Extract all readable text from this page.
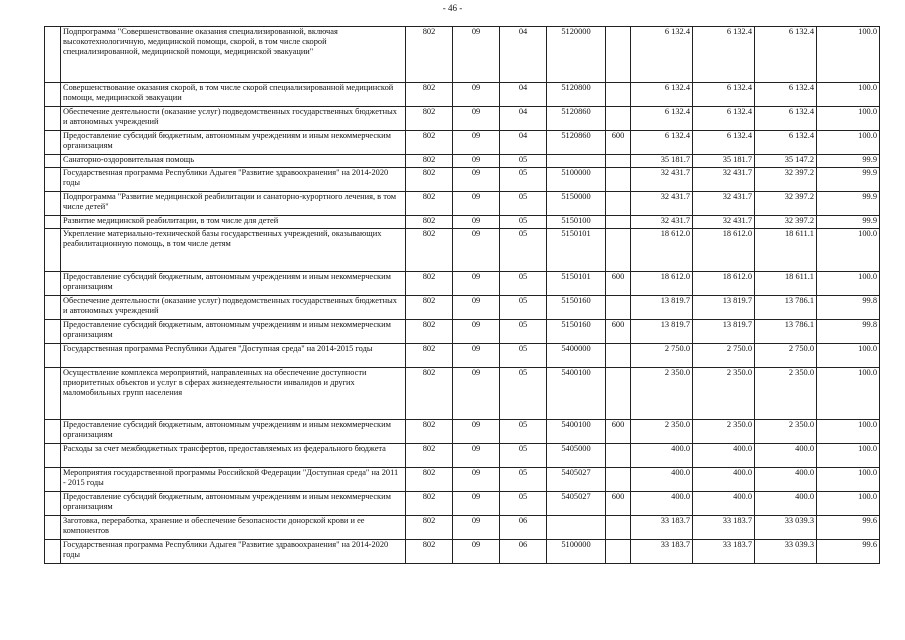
- 46 -

	Подпрограмма "Совершенствование оказания специализированной, включая высокотехнологичную, медицинской помощи, скорой, в том числе скорой специализированной, медицинской помощи, медицинской эвакуации"	802	09	04	5120000		6 132.4	6 132.4	6 132.4	100.0

	Совершенствование оказания скорой, в том числе скорой специализированной медицинской помощи, медицинской эвакуации	802	09	04	5120800		6 132.4	6 132.4	6 132.4	100.0

	Обеспечение деятельности (оказание услуг) подведомственных государственных бюджетных и автономных учреждений	802	09	04	5120860		6 132.4	6 132.4	6 132.4	100.0

	Предоставление субсидий бюджетным, автономным учреждениям и иным некоммерческим организациям	802	09	04	5120860	600	6 132.4	6 132.4	6 132.4	100.0

	Санаторно-оздоровительная помощь	802	09	05			35 181.7	35 181.7	35 147.2	99.9

	Государственная программа Республики Адыгея "Развитие здравоохранения" на 2014-2020 годы	802	09	05	5100000		32 431.7	32 431.7	32 397.2	99.9

	Подпрограмма "Развитие медицинской реабилитации и санаторно-курортного лечения, в том числе детей"	802	09	05	5150000		32 431.7	32 431.7	32 397.2	99.9

	Развитие медицинской реабилитации, в том числе для детей	802	09	05	5150100		32 431.7	32 431.7	32 397.2	99.9

	Укрепление материально-технической базы государственных учреждений, оказывающих реабилитационную помощь, в том числе детям	802	09	05	5150101		18 612.0	18 612.0	18 611.1	100.0

	Предоставление субсидий бюджетным, автономным учреждениям и иным некоммерческим организациям	802	09	05	5150101	600	18 612.0	18 612.0	18 611.1	100.0

	Обеспечение деятельности (оказание услуг) подведомственных государственных бюджетных и автономных учреждений	802	09	05	5150160		13 819.7	13 819.7	13 786.1	99.8

	Предоставление субсидий бюджетным, автономным учреждениям и иным некоммерческим организациям	802	09	05	5150160	600	13 819.7	13 819.7	13 786.1	99.8

	Государственная программа Республики Адыгея "Доступная среда" на 2014-2015 годы	802	09	05	5400000		2 750.0	2 750.0	2 750.0	100.0

	Осуществление комплекса мероприятий, направленных на обеспечение доступности приоритетных объектов и услуг в сферах жизнедеятельности инвалидов и других маломобильных групп населения	802	09	05	5400100		2 350.0	2 350.0	2 350.0	100.0

	Предоставление субсидий бюджетным, автономным учреждениям и иным некоммерческим организациям	802	09	05	5400100	600	2 350.0	2 350.0	2 350.0	100.0

	Расходы за счет межбюджетных трансфертов, предоставляемых из федерального бюджета	802	09	05	5405000		400.0	400.0	400.0	100.0

	Мероприятия государственной программы Российской Федерации "Доступная среда" на 2011 - 2015 годы	802	09	05	5405027		400.0	400.0	400.0	100.0

	Предоставление субсидий бюджетным, автономным учреждениям и иным некоммерческим организациям	802	09	05	5405027	600	400.0	400.0	400.0	100.0

	Заготовка, переработка, хранение и обеспечение безопасности донорской крови и ее компонентов	802	09	06			33 183.7	33 183.7	33 039.3	99.6

	Государственная программа Республики Адыгея "Развитие здравоохранения" на 2014-2020 годы	802	09	06	5100000		33 183.7	33 183.7	33 039.3	99.6
